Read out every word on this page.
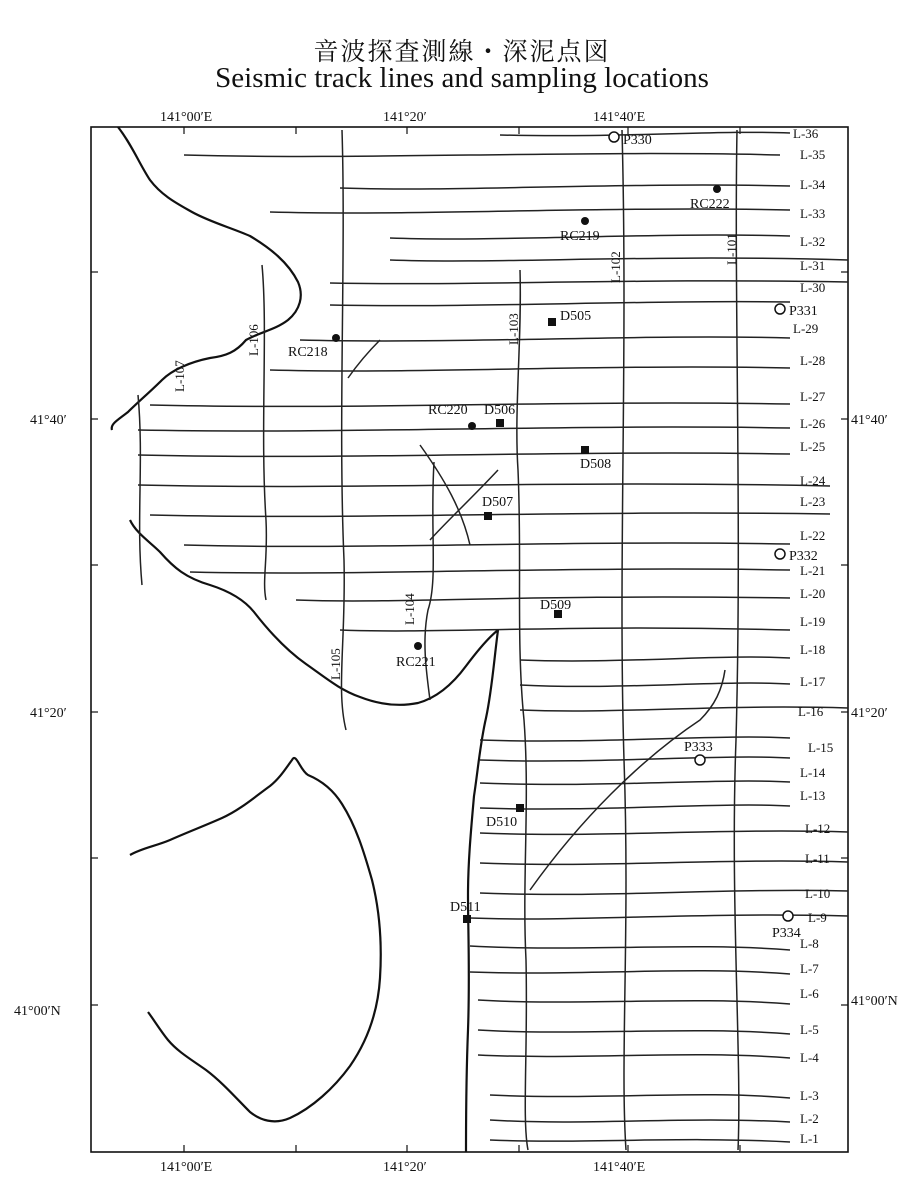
音波探査測線・深泥点図
Seismic track lines and sampling locations
141°00′E	141°20′	141°40′E
141°00′E	141°20′	141°40′E
41°40′
41°20′
41°00′N
41°40′
41°20′
41°00′N
L-1
L-2
L-3
L-4
L-5
L-6
L-7
L-8
L-9
L-10
L-11
L-12
L-13
L-14
L-15
L-16
L-17
L-18
L-19
L-20
L-21
L-22
L-23
L-24
L-25
L-26
L-27
L-28
L-29
L-30
L-31
L-32
L-33
L-34
L-35
L-36
L-101
L-102
L-103
L-104
L-105
L-106
L-107
RC218
RC219
RC220
RC221
RC222
D505
D506
D507
D508
D509
D510
D511
P330
P331
P332
P333
P334
